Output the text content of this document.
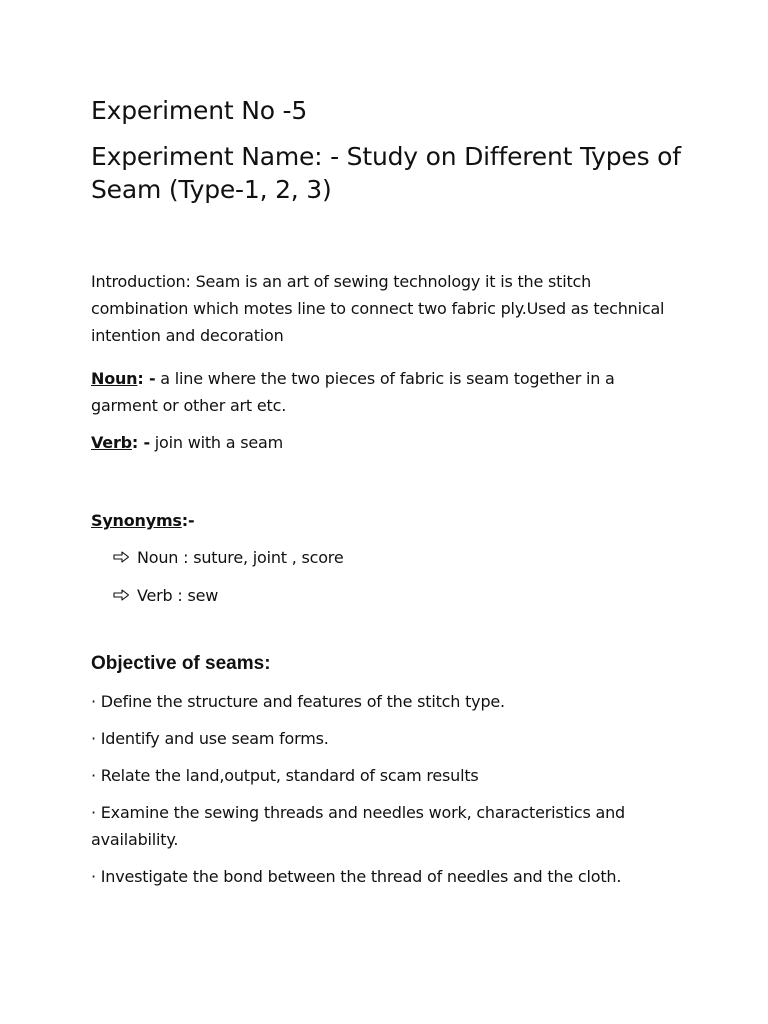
Experiment No -5
Experiment Name: - Study on Different Types of Seam (Type-1, 2, 3)

Introduction: Seam is an art of sewing technology it is the stitch combination which motes line to connect two fabric ply.Used as technical intention and decoration

Noun: - a line where the two pieces of fabric is seam together in a garment or other art etc.
Verb: - join with a seam
Synonyms:-
Noun : suture, joint , score
Verb : sew
Objective of seams:
· Define the structure and features of the stitch type.
· Identify and use seam forms.
· Relate the land,output, standard of scam results
· Examine the sewing threads and needles work, characteristics and availability.
· Investigate the bond between the thread of needles and the cloth.
